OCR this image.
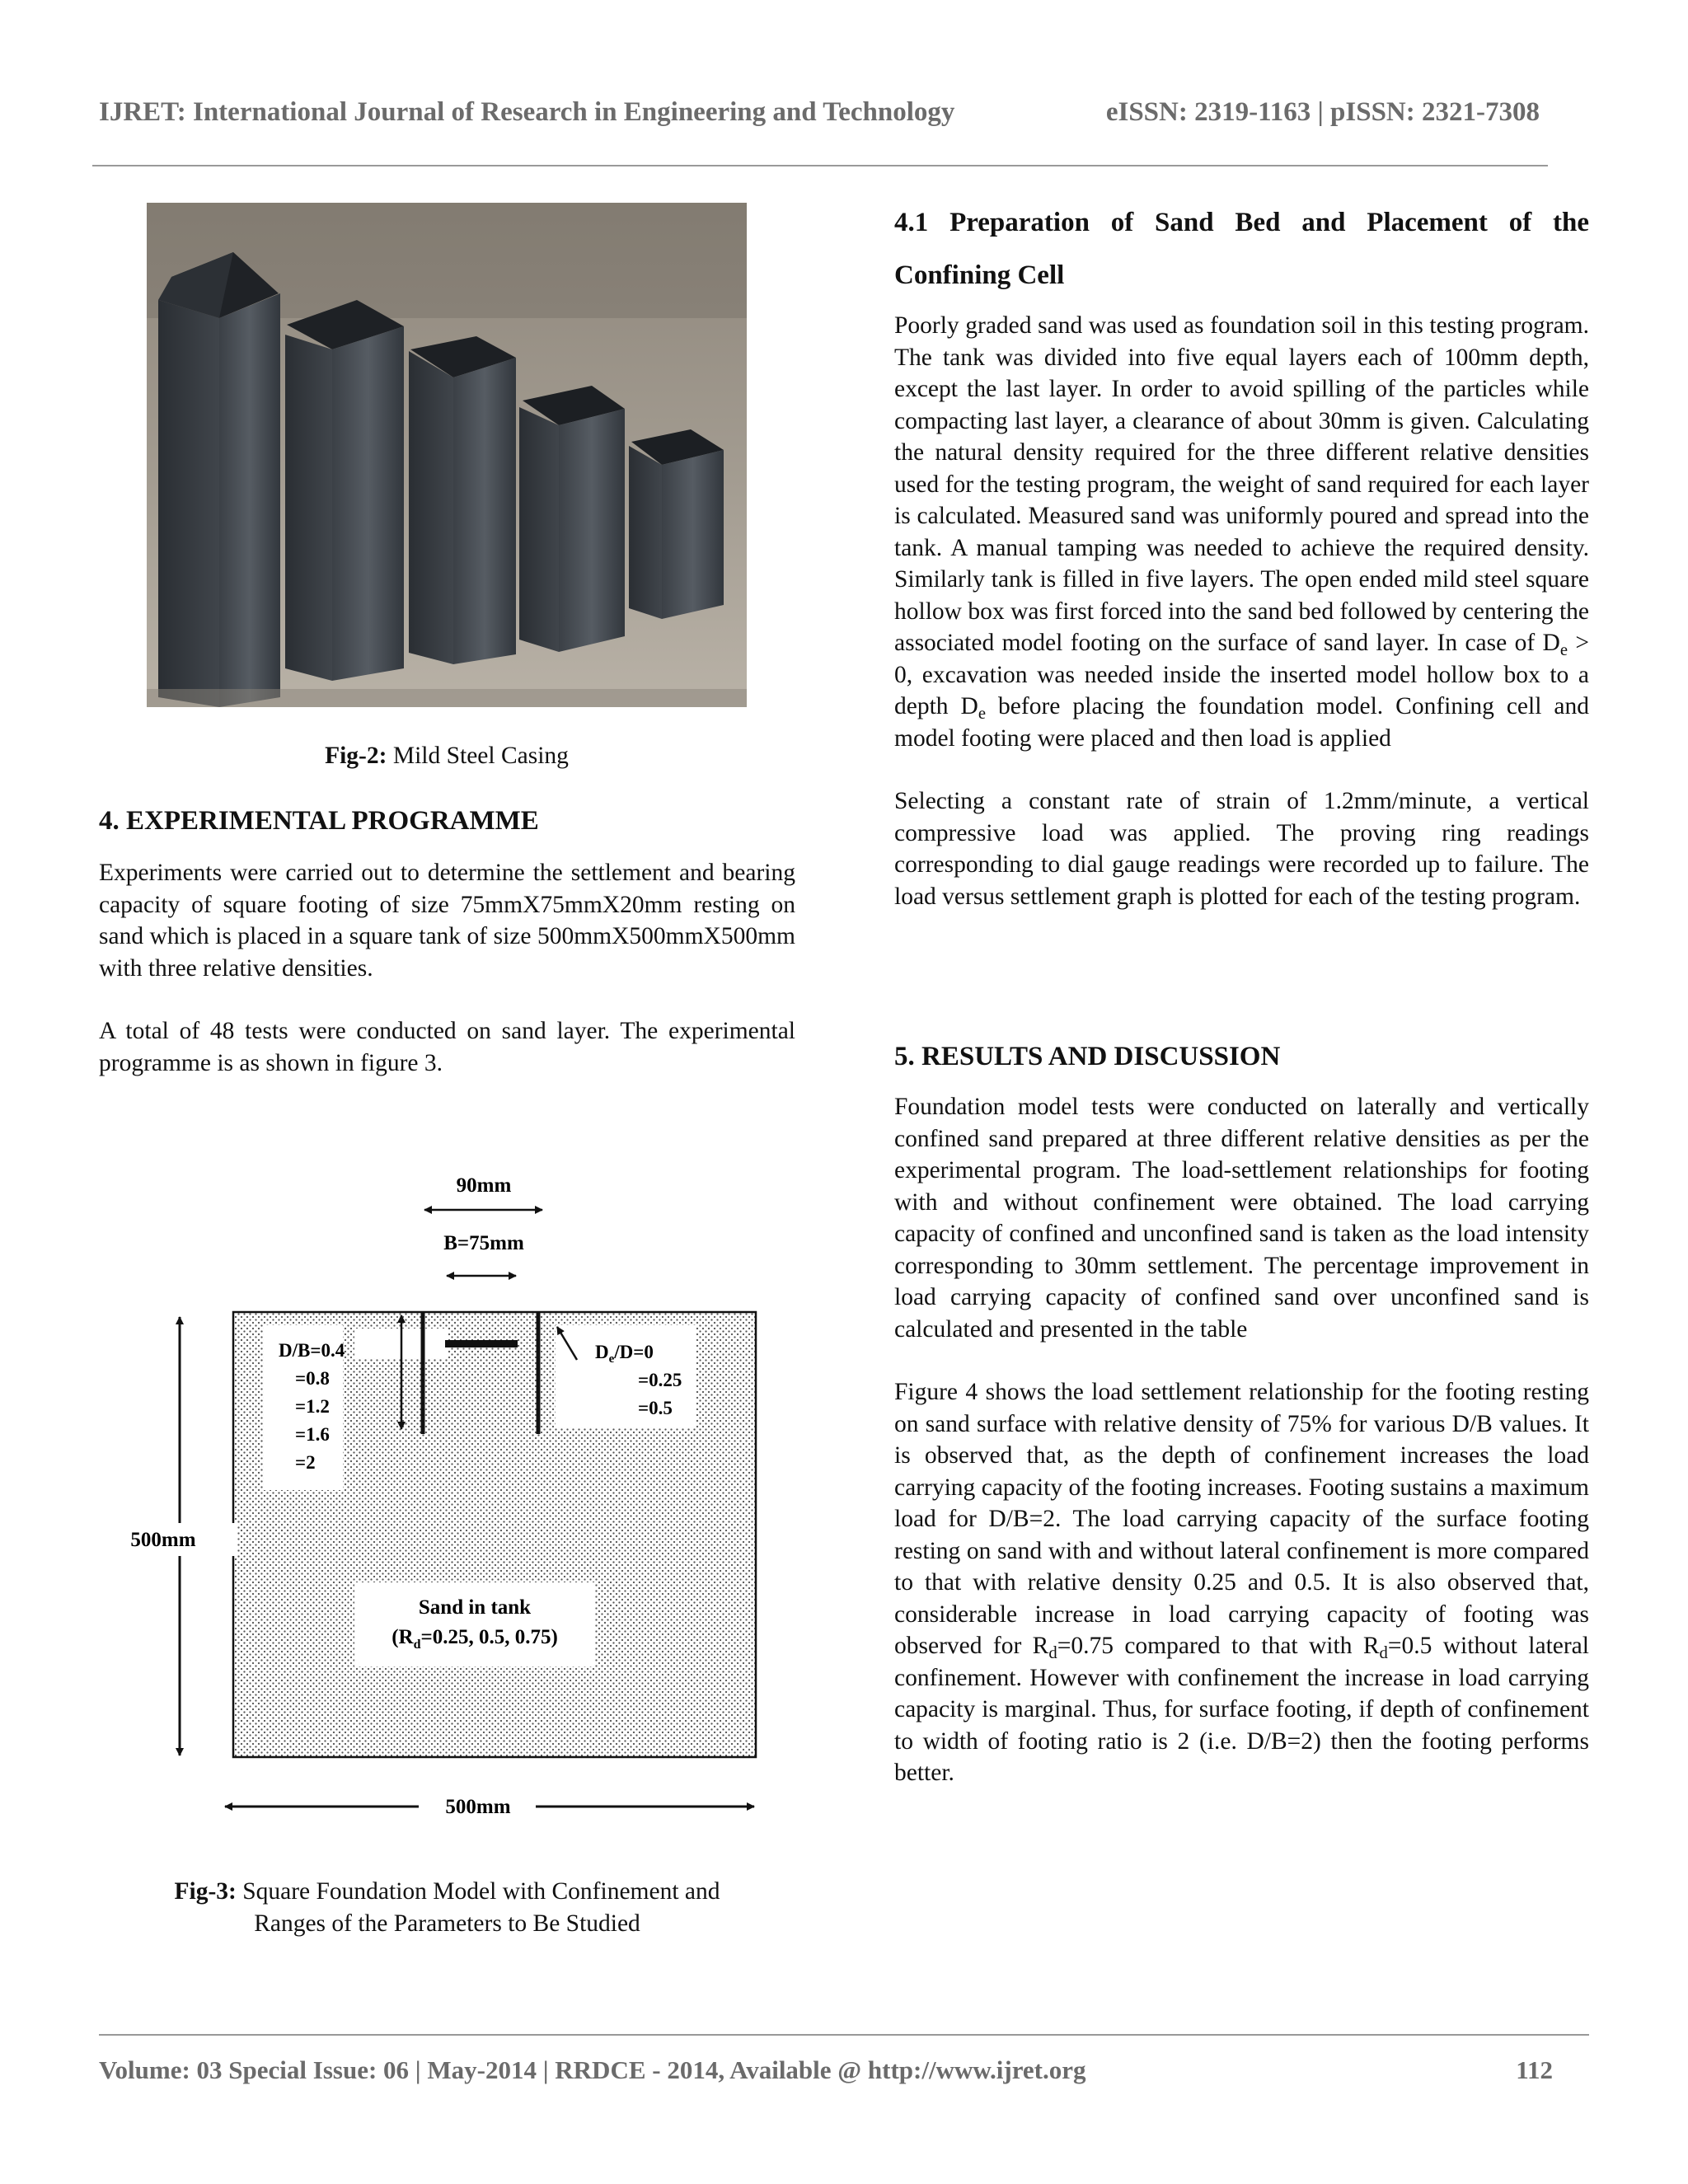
IJRET: International Journal of Research in Engineering and Technology	eISSN: 2319-1163 | pISSN: 2321-7308
Fig-2: Mild Steel Casing
4. EXPERIMENTAL PROGRAMME

Experiments were carried out to determine the settlement and bearing capacity of square footing of size 75mmX75mmX20mm resting on sand which is placed in a square tank of size 500mmX500mmX500mm with three relative densities.

A total of 48 tests were conducted on sand layer. The experimental programme is as shown in figure 3.

90mm
B=75mm
D/B=0.4
=0.8
=1.2
=1.6
=2
$D_e/D=0$
=0.25
=0.5
Sand in tank
($R_d=0.25$, 0.5, 0.75)
500mm
500mm
Fig-3: Square Foundation Model with Confinement and
Ranges of the Parameters to Be Studied
4.1 Preparation of Sand Bed and Placement of the
Confining Cell

Poorly graded sand was used as foundation soil in this testing program. The tank was divided into five equal layers each of 100mm depth, except the last layer. In order to avoid spilling of the particles while compacting last layer, a clearance of about 30mm is given. Calculating the natural density required for the three different relative densities used for the testing program, the weight of sand required for each layer is calculated. Measured sand was uniformly poured and spread into the tank. A manual tamping was needed to achieve the required density. Similarly tank is filled in five layers. The open ended mild steel square hollow box was first forced into the sand bed followed by centering the associated model footing on the surface of sand layer. In case of $D_e > 0$, excavation was needed inside the inserted model hollow box to a depth $D_e$ before placing the foundation model. Confining cell and model footing were placed and then load is applied

Selecting a constant rate of strain of 1.2mm/minute, a vertical compressive load was applied. The proving ring readings corresponding to dial gauge readings were recorded up to failure. The load versus settlement graph is plotted for each of the testing program.

5. RESULTS AND DISCUSSION

Foundation model tests were conducted on laterally and vertically confined sand prepared at three different relative densities as per the experimental program. The load-settlement relationships for footing with and without confinement were obtained. The load carrying capacity of confined and unconfined sand is taken as the load intensity corresponding to 30mm settlement. The percentage improvement in load carrying capacity of confined sand over unconfined sand is calculated and presented in the table

Figure 4 shows the load settlement relationship for the footing resting on sand surface with relative density of 75% for various D/B values. It is observed that, as the depth of confinement increases the load carrying capacity of the footing increases. Footing sustains a maximum load for D/B=2. The load carrying capacity of the surface footing resting on sand with and without lateral confinement is more compared to that with relative density 0.25 and 0.5. It is also observed that, considerable increase in load carrying capacity of footing was observed for $R_d=0.75$ compared to that with $R_d=0.5$ without lateral confinement. However with confinement the increase in load carrying capacity is marginal. Thus, for surface footing, if depth of confinement to width of footing ratio is 2 (i.e. D/B=2) then the footing performs better.

Volume: 03 Special Issue: 06 | May-2014 | RRDCE - 2014, Available @ http://www.ijret.org	112
